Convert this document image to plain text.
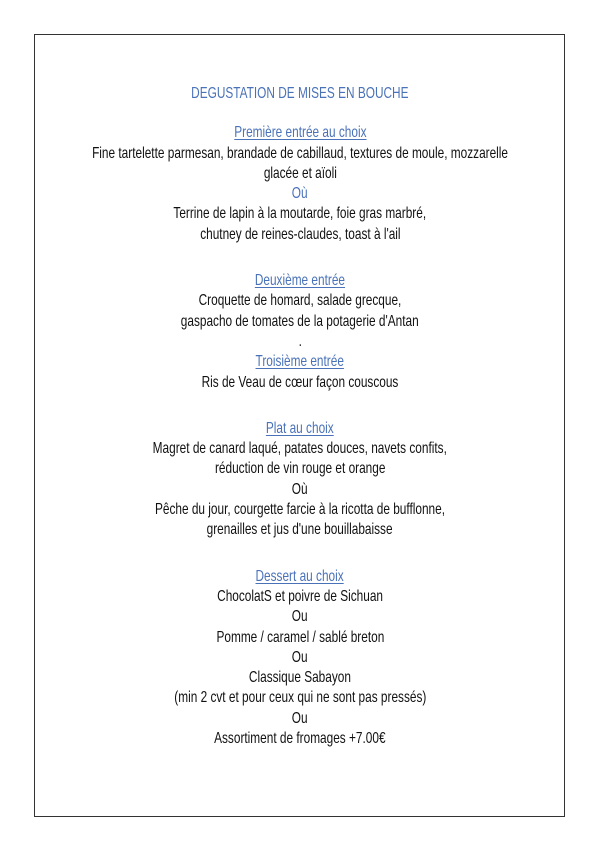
DEGUSTATION DE MISES EN BOUCHE
Première entrée au choix
Fine tartelette parmesan, brandade de cabillaud, textures de moule, mozzarelle
glacée et aïoli
Où
Terrine de lapin à la moutarde, foie gras marbré,
chutney de reines-claudes, toast à l'ail
Deuxième entrée
Croquette de homard, salade grecque,
gaspacho de tomates de la potagerie d'Antan
.
Troisième entrée
Ris de Veau de cœur façon couscous
Plat au choix
Magret de canard laqué, patates douces, navets confits,
réduction de vin rouge et orange
Où
Pêche du jour, courgette farcie à la ricotta de bufflonne,
grenailles et jus d'une bouillabaisse
Dessert au choix
ChocolatS et poivre de Sichuan
Ou
Pomme / caramel / sablé breton
Ou
Classique Sabayon
(min 2 cvt et pour ceux qui ne sont pas pressés)
Ou
Assortiment de fromages +7.00€
